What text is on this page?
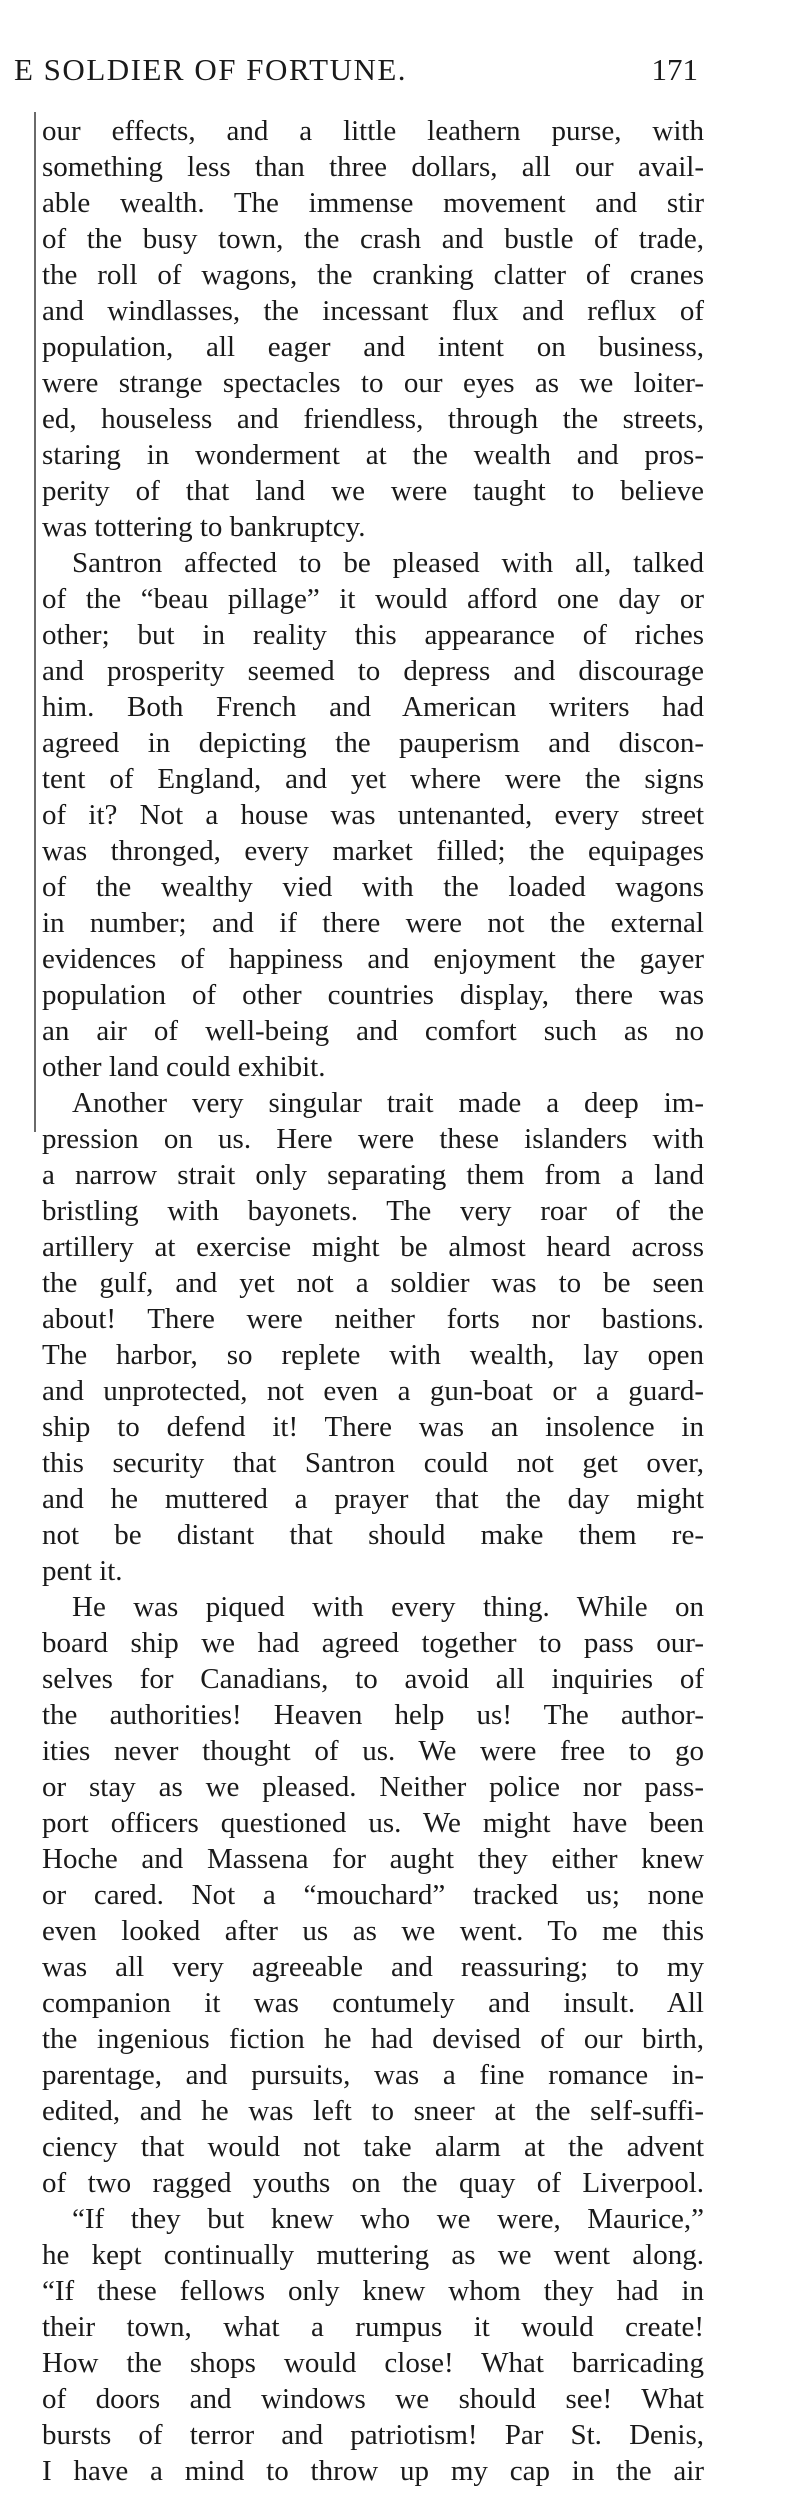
E SOLDIER OF FORTUNE.	171
our effects, and a little leathern purse, with
something less than three dollars, all our avail-
able wealth. The immense movement and stir
of the busy town, the crash and bustle of trade,
the roll of wagons, the cranking clatter of cranes
and windlasses, the incessant flux and reflux of
population, all eager and intent on business,
were strange spectacles to our eyes as we loiter-
ed, houseless and friendless, through the streets,
staring in wonderment at the wealth and pros-
perity of that land we were taught to believe
was tottering to bankruptcy.
Santron affected to be pleased with all, talked
of the “beau pillage” it would afford one day or
other; but in reality this appearance of riches
and prosperity seemed to depress and discourage
him. Both French and American writers had
agreed in depicting the pauperism and discon-
tent of England, and yet where were the signs
of it? Not a house was untenanted, every street
was thronged, every market filled; the equipages
of the wealthy vied with the loaded wagons
in number; and if there were not the external
evidences of happiness and enjoyment the gayer
population of other countries display, there was
an air of well-being and comfort such as no
other land could exhibit.
Another very singular trait made a deep im-
pression on us. Here were these islanders with
a narrow strait only separating them from a land
bristling with bayonets. The very roar of the
artillery at exercise might be almost heard across
the gulf, and yet not a soldier was to be seen
about! There were neither forts nor bastions.
The harbor, so replete with wealth, lay open
and unprotected, not even a gun-boat or a guard-
ship to defend it! There was an insolence in
this security that Santron could not get over,
and he muttered a prayer that the day might
not be distant that should make them re-
pent it.
He was piqued with every thing. While on
board ship we had agreed together to pass our-
selves for Canadians, to avoid all inquiries of
the authorities! Heaven help us! The author-
ities never thought of us. We were free to go
or stay as we pleased. Neither police nor pass-
port officers questioned us. We might have been
Hoche and Massena for aught they either knew
or cared. Not a “mouchard” tracked us; none
even looked after us as we went. To me this
was all very agreeable and reassuring; to my
companion it was contumely and insult. All
the ingenious fiction he had devised of our birth,
parentage, and pursuits, was a fine romance in-
edited, and he was left to sneer at the self-suffi-
ciency that would not take alarm at the advent
of two ragged youths on the quay of Liverpool.
“If they but knew who we were, Maurice,”
he kept continually muttering as we went along.
“If these fellows only knew whom they had in
their town, what a rumpus it would create!
How the shops would close! What barricading
of doors and windows we should see! What
bursts of terror and patriotism! Par St. Denis,
I have a mind to throw up my cap in the air
